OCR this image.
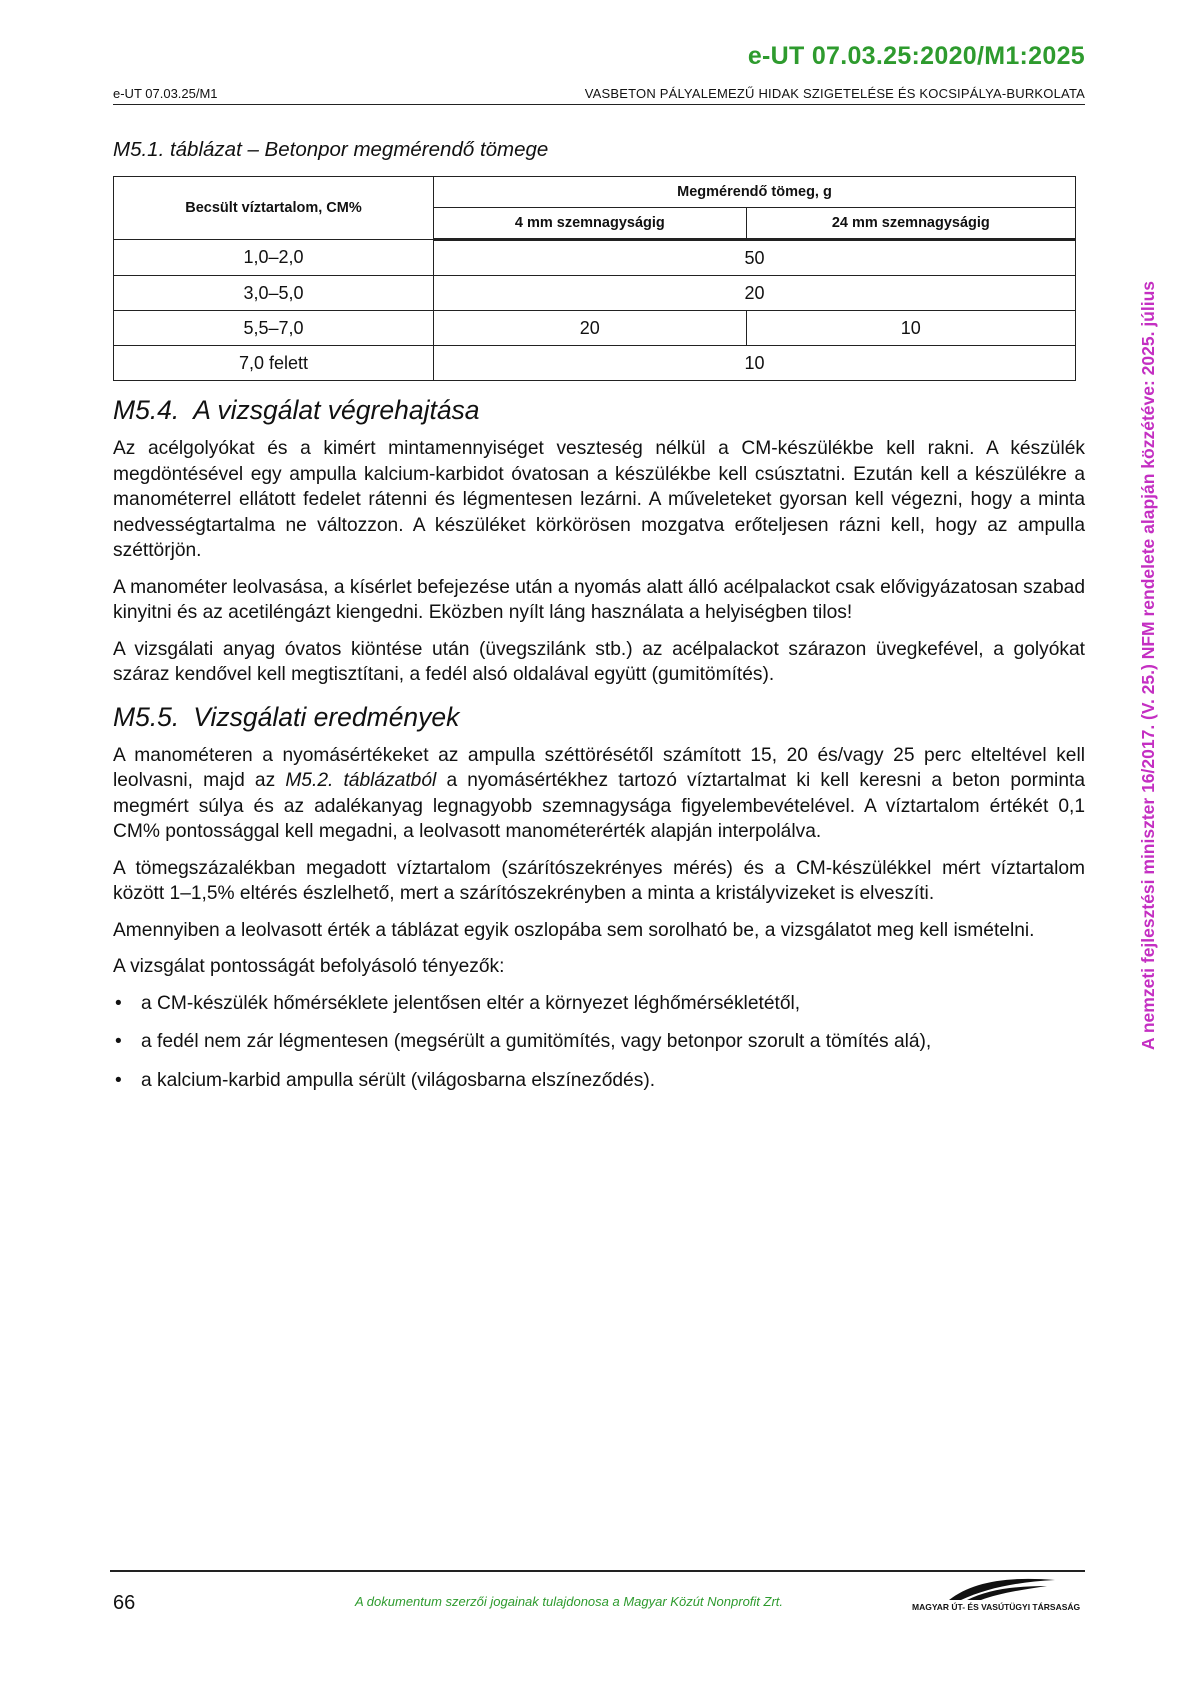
e-UT 07.03.25:2020/M1:2025
e-UT 07.03.25/M1	VASBETON PÁLYALEMEZŰ HIDAK SZIGETELÉSE ÉS KOCSIPÁLYA-BURKOLATA
A nemzeti fejlesztési miniszter 16/2017. (V. 25.) NFM rendelete alapján közzétéve: 2025. július
M5.1. táblázat – Betonpor megmérendő tömege
Becsült víztartalom, CM%	Megmérendő tömeg, g	
	4 mm szemnagyságig	24 mm szemnagyságig
1,0–2,0	50	
3,0–5,0	20	
5,5–7,0	20	10
7,0 felett	10	
M5.4. A vizsgálat végrehajtása

Az acélgolyókat és a kimért mintamennyiséget veszteség nélkül a CM-készülékbe kell rakni. A készülék megdöntésével egy ampulla kalcium-karbidot óvatosan a készülékbe kell csúsztatni. Ezután kell a készülékre a manométerrel ellátott fedelet rátenni és légmentesen lezárni. A műveleteket gyorsan kell végezni, hogy a minta nedvességtartalma ne változzon. A készüléket körkörösen mozgatva erőteljesen rázni kell, hogy az ampulla széttörjön.

A manométer leolvasása, a kísérlet befejezése után a nyomás alatt álló acélpalackot csak elővigyázatosan szabad kinyitni és az acetiléngázt kiengedni. Eközben nyílt láng használata a helyiségben tilos!

A vizsgálati anyag óvatos kiöntése után (üvegszilánk stb.) az acélpalackot szárazon üvegkefével, a golyókat száraz kendővel kell megtisztítani, a fedél alsó oldalával együtt (gumitömítés).

M5.5. Vizsgálati eredmények

A manométeren a nyomásértékeket az ampulla széttörésétől számított 15, 20 és/vagy 25 perc elteltével kell leolvasni, majd az M5.2. táblázatból a nyomásértékhez tartozó víztartalmat ki kell keresni a beton porminta megmért súlya és az adalékanyag legnagyobb szemnagysága figyelembevételével. A víztartalom értékét 0,1 CM% pontossággal kell megadni, a leolvasott manométerérték alapján interpolálva.

A tömegszázalékban megadott víztartalom (szárítószekrényes mérés) és a CM-készülékkel mért víztartalom között 1–1,5% eltérés észlelhető, mert a szárítószekrényben a minta a kristályvizeket is elveszíti.

Amennyiben a leolvasott érték a táblázat egyik oszlopába sem sorolható be, a vizsgálatot meg kell ismételni.

A vizsgálat pontosságát befolyásoló tényezők:

• a CM-készülék hőmérséklete jelentősen eltér a környezet léghőmérsékletétől,
• a fedél nem zár légmentesen (megsérült a gumitömítés, vagy betonpor szorult a tömítés alá),
• a kalcium-karbid ampulla sérült (világosbarna elszíneződés).
66	A dokumentum szerzői jogainak tulajdonosa a Magyar Közút Nonprofit Zrt.	MAGYAR ÚT- ÉS VASÚTÜGYI TÁRSASÁG
